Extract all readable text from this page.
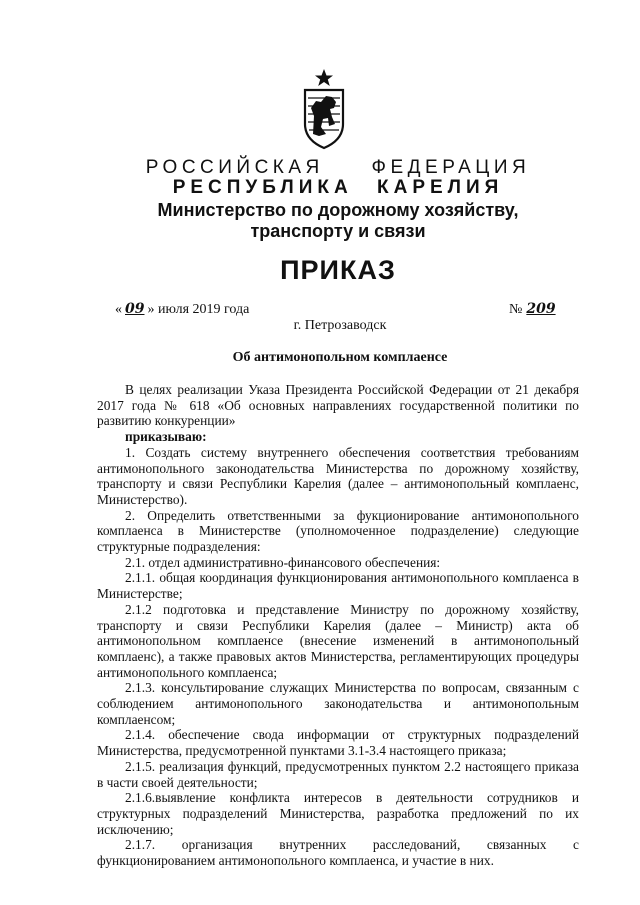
РОССИЙСКАЯ ФЕДЕРАЦИЯ
РЕСПУБЛИКА КАРЕЛИЯ
Министерство по дорожному хозяйству,
транспорту и связи
ПРИКАЗ
« 09 » июля 2019 года	№ 209
г. Петрозаводск
Об антимонопольном комплаенсе

В целях реализации Указа Президента Российской Федерации от 21 декабря 2017 года № 618 «Об основных направлениях государственной политики по развитию конкуренции»

приказываю:

1. Создать систему внутреннего обеспечения соответствия требованиям антимонопольного законодательства Министерства по дорожному хозяйству, транспорту и связи Республики Карелия (далее – антимонопольный комплаенс, Министерство).

2. Определить ответственными за фукционирование антимонопольного комплаенса в Министерстве (уполномоченное подразделение) следующие структурные подразделения:

2.1. отдел административно-финансового обеспечения:

2.1.1. общая координация функционирования антимонопольного комплаенса в Министерстве;

2.1.2 подготовка и представление Министру по дорожному хозяйству, транспорту и связи Республики Карелия (далее – Министр) акта об антимонопольном комплаенсе (внесение изменений в антимонопольный комплаенс), а также правовых актов Министерства, регламентирующих процедуры антимонопольного комплаенса;

2.1.3. консультирование служащих Министерства по вопросам, связанным с соблюдением антимонопольного законодательства и антимонопольным комплаенсом;

2.1.4. обеспечение свода информации от структурных подразделений Министерства, предусмотренной пунктами 3.1-3.4 настоящего приказа;

2.1.5. реализация функций, предусмотренных пунктом 2.2 настоящего приказа в части своей деятельности;

2.1.6.выявление конфликта интересов в деятельности сотрудников и структурных подразделений Министерства, разработка предложений по их исключению;

2.1.7. организация внутренних расследований, связанных с функционированием антимонопольного комплаенса, и участие в них.
